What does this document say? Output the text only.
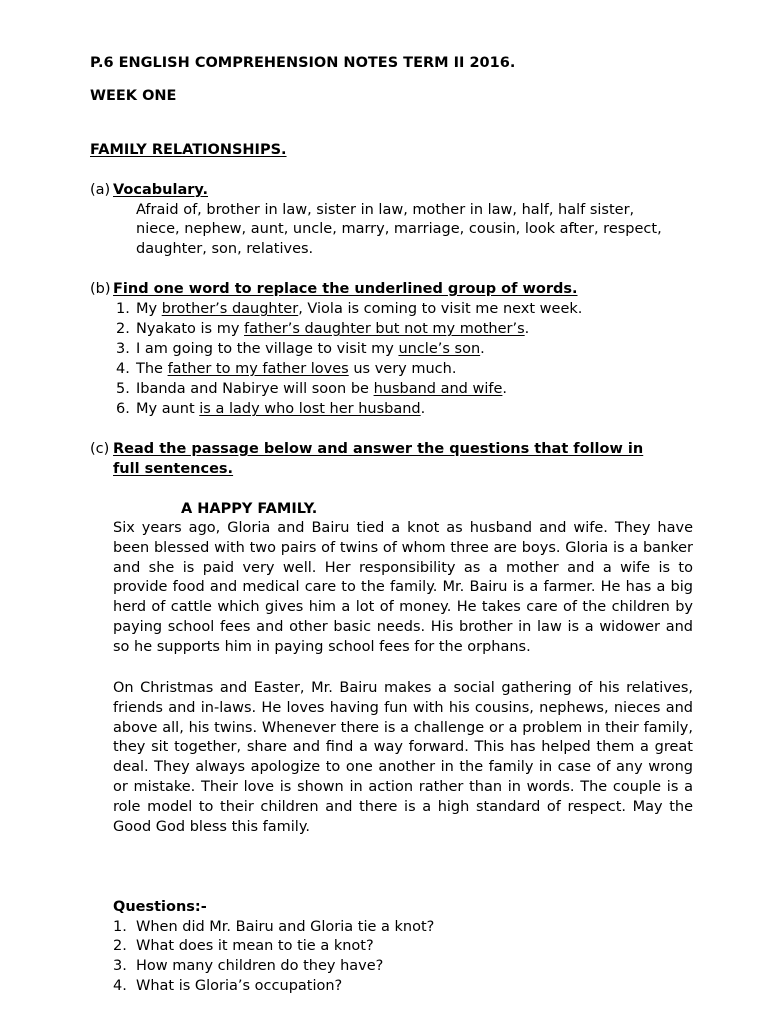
P.6 ENGLISH COMPREHENSION NOTES TERM II 2016.
WEEK ONE
FAMILY RELATIONSHIPS.
(a) Vocabulary.
Afraid of, brother in law, sister in law, mother in law, half, half sister,
niece, nephew, aunt, uncle, marry, marriage, cousin, look after, respect,
daughter, son, relatives.
(b) Find one word to replace the underlined group of words.
1. My brother’s daughter, Viola is coming to visit me next week.
2. Nyakato is my father’s daughter but not my mother’s.
3. I am going to the village to visit my uncle’s son.
4. The father to my father loves us very much.
5. Ibanda and Nabirye will soon be husband and wife.
6. My aunt is a lady who lost her husband.
(c) Read the passage below and answer the questions that follow in
full sentences.
A HAPPY FAMILY.

Six years ago, Gloria and Bairu tied a knot as husband and wife. They have been blessed with two pairs of twins of whom three are boys. Gloria is a banker and she is paid very well. Her responsibility as a mother and a wife is to provide food and medical care to the family. Mr. Bairu is a farmer. He has a big herd of cattle which gives him a lot of money. He takes care of the children by paying school fees and other basic needs. His brother in law is a widower and so he supports him in paying school fees for the orphans.

On Christmas and Easter, Mr. Bairu makes a social gathering of his relatives, friends and in-laws. He loves having fun with his cousins, nephews, nieces and above all, his twins. Whenever there is a challenge or a problem in their family, they sit together, share and find a way forward. This has helped them a great deal. They always apologize to one another in the family in case of any wrong or mistake. Their love is shown in action rather than in words. The couple is a role model to their children and there is a high standard of respect. May the Good God bless this family.

Questions:-
1. When did Mr. Bairu and Gloria tie a knot?
2. What does it mean to tie a knot?
3. How many children do they have?
4. What is Gloria’s occupation?
